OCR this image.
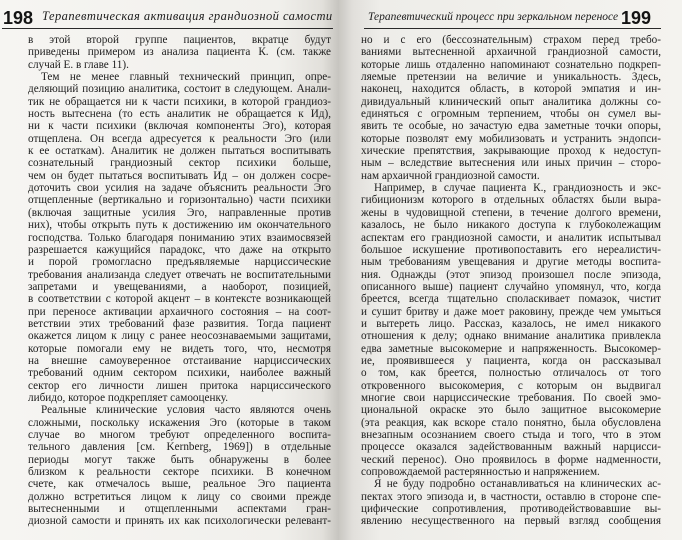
198 Терапевтическая активация грандиозной самости
в этой второй группе пациентов, вкратце будут
приведены примером из анализа пациента К. (см. также
случай Е. в главе 11).
Тем не менее главный технический принцип, опре-
деляющий позицию аналитика, состоит в следующем. Анали-
тик не обращается ни к части психики, в которой грандиоз-
ность вытеснена (то есть аналитик не обращается к Ид),
ни к части психики (включая компоненты Эго), которая
отщеплена. Он всегда адресуется к реальности Эго (или
к ее остаткам). Аналитик не должен пытаться воспитывать
сознательный грандиозный сектор психики больше,
чем он будет пытаться воспитывать Ид – он должен сосре-
доточить свои усилия на задаче объяснить реальности Эго
отщепленные (вертикально и горизонтально) части психики
(включая защитные усилия Эго, направленные против
них), чтобы открыть путь к достижению им окончательного
господства. Только благодаря пониманию этих взаимосвязей
разрешается кажущийся парадокс, что даже на открыто
и порой громогласно предъявляемые нарциссические
требования анализанда следует отвечать не воспитательными
запретами и увещеваниями, а наоборот, позицией,
в соответствии с которой акцент – в контексте возникающей
при переносе активации архаичного состояния – на соот-
ветствии этих требований фазе развития. Тогда пациент
окажется лицом к лицу с ранее неосознаваемыми защитами,
которые помогали ему не видеть того, что, несмотря
на внешне самоуверенное отстаивание нарциссических
требований одним сектором психики, наиболее важный
сектор его личности лишен притока нарциссического
либидо, которое подкрепляет самооценку.
Реальные клинические условия часто являются очень
сложными, поскольку искажения Эго (которые в таком
случае во многом требуют определенного воспита-
тельного давления [см. Kernberg, 1969]) в отдельные
периоды могут также быть обнаружены в более
близком к реальности секторе психики. В конечном
счете, как отмечалось выше, реальное Эго пациента
должно встретиться лицом к лицу со своими прежде
вытесненными и отщепленными аспектами гран-
диозной самости и принять их как психологически релевант-
Терапевтический процесс при зеркальном переносе 199
но и с его (бессознательным) страхом перед требо-
ваниями вытесненной архаичной грандиозной самости,
которые лишь отдаленно напоминают сознательно подкреп-
ляемые претензии на величие и уникальность. Здесь,
наконец, находится область, в которой эмпатия и ин-
дивидуальный клинический опыт аналитика должны со-
единяться с огромным терпением, чтобы он сумел вы-
явить те особые, но зачастую едва заметные точки опоры,
которые позволят ему мобилизовать и устранить эндопси-
хические препятствия, закрывающие проход к недоступ-
ным – вследствие вытеснения или иных причин – сторо-
нам архаичной грандиозной самости.
Например, в случае пациента К., грандиозность и экс-
гибиционизм которого в отдельных областях были выра-
жены в чудовищной степени, в течение долгого времени,
казалось, не было никакого доступа к глубоколежащим
аспектам его грандиозной самости, и аналитик испытывал
большое искушение противопоставить его нереалистич-
ным требованиям увещевания и другие методы воспита-
ния. Однажды (этот эпизод произошел после эпизода,
описанного выше) пациент случайно упомянул, что, когда
бреется, всегда тщательно споласкивает помазок, чистит
и сушит бритву и даже моет раковину, прежде чем умыться
и вытереть лицо. Рассказ, казалось, не имел никакого
отношения к делу; однако внимание аналитика привлекла
едва заметные высокомерие и напряженность. Высокомер-
ие, проявившееся у пациента, когда он рассказывал
о том, как бреется, полностью отличалось от того
откровенного высокомерия, с которым он выдвигал
многие свои нарциссические требования. По своей эмо-
циональной окраске это было защитное высокомерие
(эта реакция, как вскоре стало понятно, была обусловлена
внезапным осознанием своего стыда и того, что в этом
процессе оказался задействованным важный нарцисси-
ческий перенос). Оно проявилось в форме надменности,
сопровождаемой растерянностью и напряжением.
Я не буду подробно останавливаться на клинических ас-
пектах этого эпизода и, в частности, оставлю в стороне спе-
цифические сопротивления, противодействовавшие вы-
явлению несущественного на первый взгляд сообщения
